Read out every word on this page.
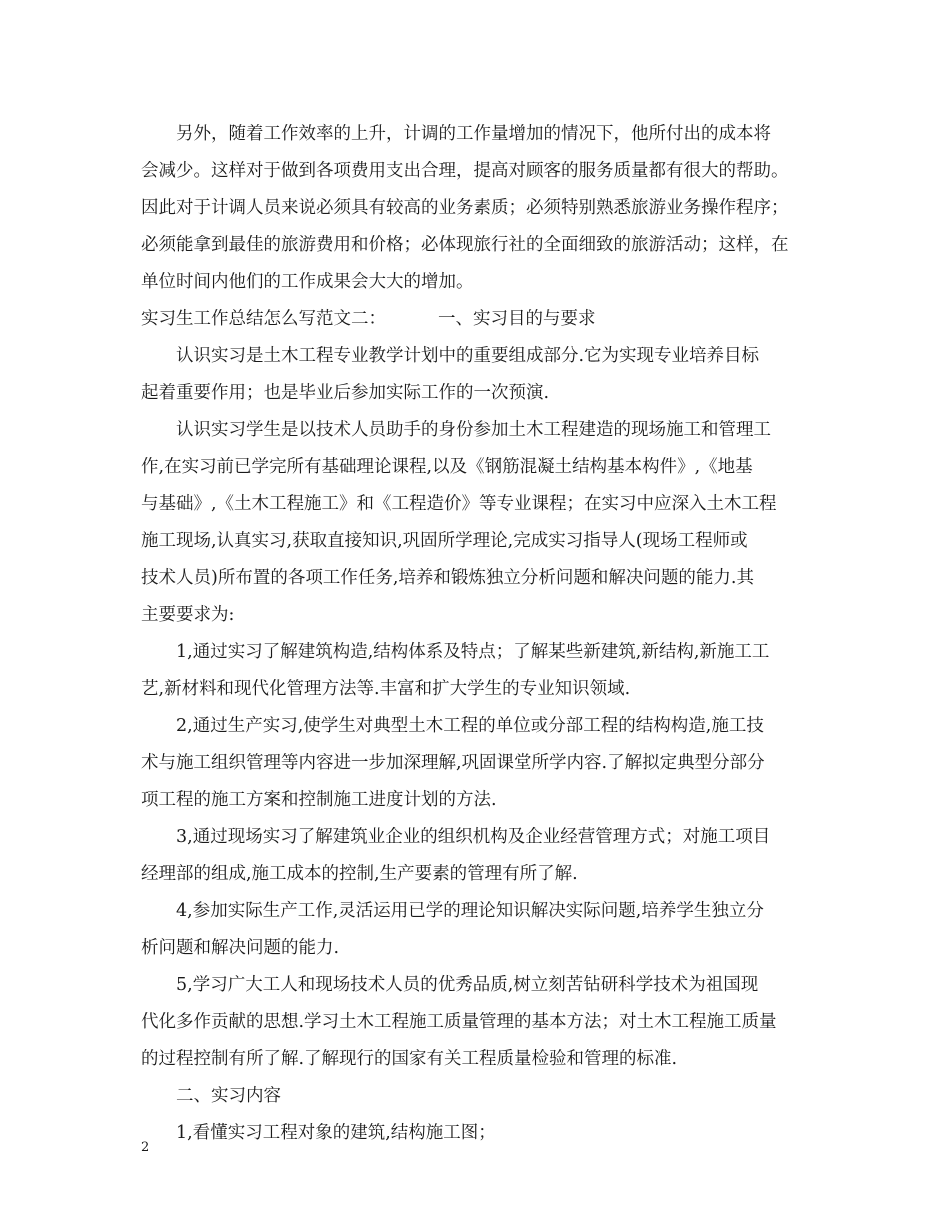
另外，随着工作效率的上升，计调的工作量增加的情况下，他所付出的成本将
会减少。这样对于做到各项费用支出合理，提高对顾客的服务质量都有很大的帮助。
因此对于计调人员来说必须具有较高的业务素质；必须特别熟悉旅游业务操作程序；
必须能拿到最佳的旅游费用和价格；必体现旅行社的全面细致的旅游活动；这样，在
单位时间内他们的工作成果会大大的增加。
实习生工作总结怎么写范文二：	一、实习目的与要求
认识实习是土木工程专业教学计划中的重要组成部分.它为实现专业培养目标
起着重要作用；也是毕业后参加实际工作的一次预演.
认识实习学生是以技术人员助手的身份参加土木工程建造的现场施工和管理工
作,在实习前已学完所有基础理论课程,以及《钢筋混凝土结构基本构件》,《地基
与基础》,《土木工程施工》和《工程造价》等专业课程；在实习中应深入土木工程
施工现场,认真实习,获取直接知识,巩固所学理论,完成实习指导人(现场工程师或
技术人员)所布置的各项工作任务,培养和锻炼独立分析问题和解决问题的能力.其
主要要求为:
1,通过实习了解建筑构造,结构体系及特点；了解某些新建筑,新结构,新施工工
艺,新材料和现代化管理方法等.丰富和扩大学生的专业知识领域.
2,通过生产实习,使学生对典型土木工程的单位或分部工程的结构构造,施工技
术与施工组织管理等内容进一步加深理解,巩固课堂所学内容.了解拟定典型分部分
项工程的施工方案和控制施工进度计划的方法.
3,通过现场实习了解建筑业企业的组织机构及企业经营管理方式；对施工项目
经理部的组成,施工成本的控制,生产要素的管理有所了解.
4,参加实际生产工作,灵活运用已学的理论知识解决实际问题,培养学生独立分
析问题和解决问题的能力.
5,学习广大工人和现场技术人员的优秀品质,树立刻苦钻研科学技术为祖国现
代化多作贡献的思想.学习土木工程施工质量管理的基本方法；对土木工程施工质量
的过程控制有所了解.了解现行的国家有关工程质量检验和管理的标准.
二、实习内容
1,看懂实习工程对象的建筑,结构施工图；
2
